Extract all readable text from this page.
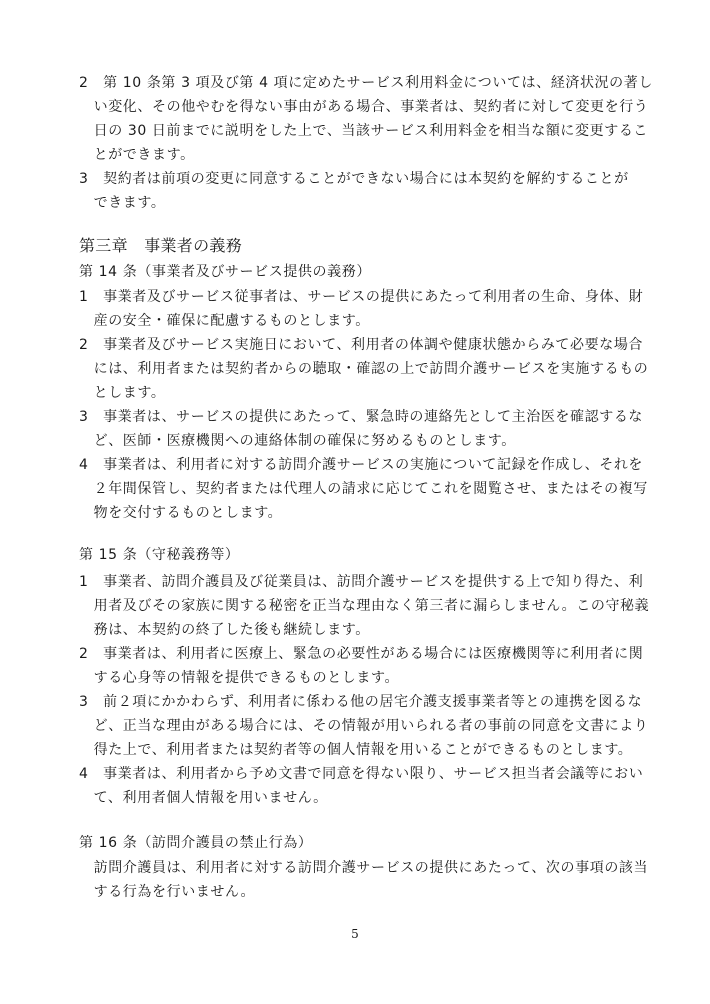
2　第 10 条第 3 項及び第 4 項に定めたサービス利用料金については、経済状況の著し
　い変化、その他やむを得ない事由がある場合、事業者は、契約者に対して変更を行う
　日の 30 日前までに説明をした上で、当該サービス利用料金を相当な額に変更するこ
　とができます。
3　契約者は前項の変更に同意することができない場合には本契約を解約することが
　できます。
第三章　事業者の義務
第 14 条（事業者及びサービス提供の義務）
1　事業者及びサービス従事者は、サービスの提供にあたって利用者の生命、身体、財
　産の安全・確保に配慮するものとします。
2　事業者及びサービス実施日において、利用者の体調や健康状態からみて必要な場合
　には、利用者または契約者からの聴取・確認の上で訪問介護サービスを実施するもの
　とします。
3　事業者は、サービスの提供にあたって、緊急時の連絡先として主治医を確認するな
　ど、医師・医療機関への連絡体制の確保に努めるものとします。
4　事業者は、利用者に対する訪問介護サービスの実施について記録を作成し、それを
　２年間保管し、契約者または代理人の請求に応じてこれを閲覧させ、またはその複写
　物を交付するものとします。
第 15 条（守秘義務等）
1　事業者、訪問介護員及び従業員は、訪問介護サービスを提供する上で知り得た、利
　用者及びその家族に関する秘密を正当な理由なく第三者に漏らしません。この守秘義
　務は、本契約の終了した後も継続します。
2　事業者は、利用者に医療上、緊急の必要性がある場合には医療機関等に利用者に関
　する心身等の情報を提供できるものとします。
3　前２項にかかわらず、利用者に係わる他の居宅介護支援事業者等との連携を図るな
　ど、正当な理由がある場合には、その情報が用いられる者の事前の同意を文書により
　得た上で、利用者または契約者等の個人情報を用いることができるものとします。
4　事業者は、利用者から予め文書で同意を得ない限り、サービス担当者会議等におい
　て、利用者個人情報を用いません。
第 16 条（訪問介護員の禁止行為）
　訪問介護員は、利用者に対する訪問介護サービスの提供にあたって、次の事項の該当
　する行為を行いません。
5
